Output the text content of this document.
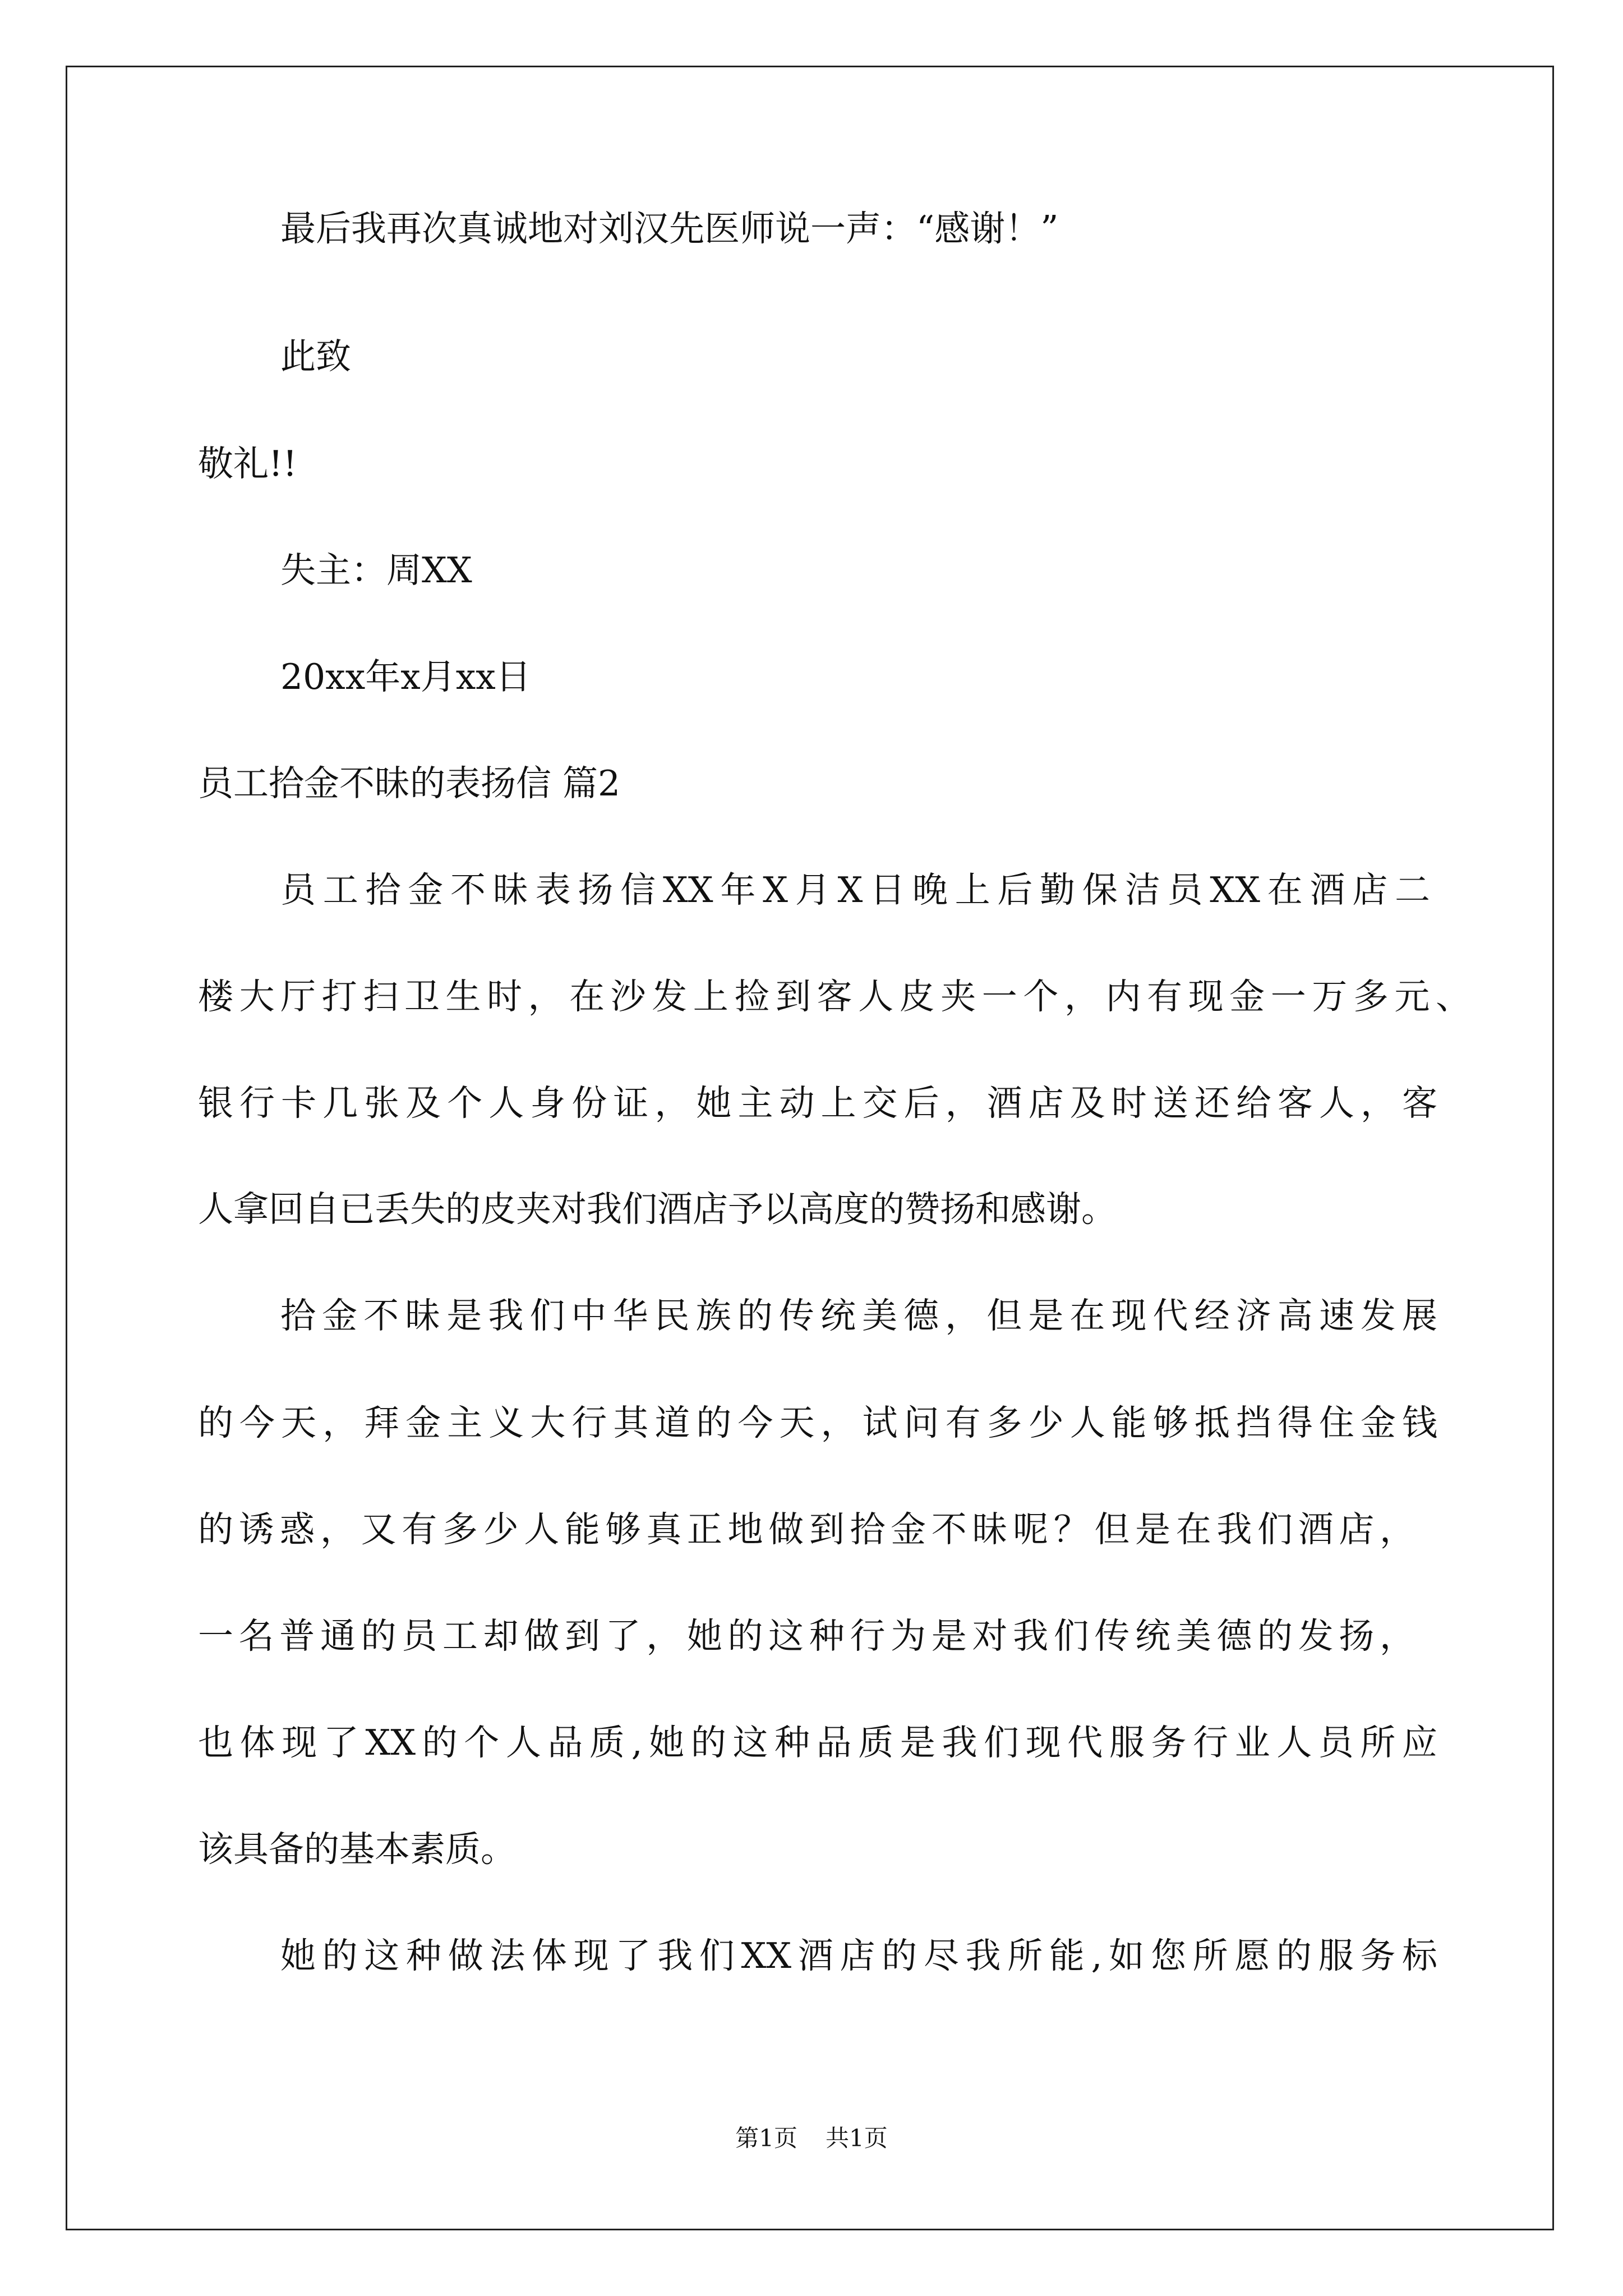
最后我再次真诚地对刘汉先医师说一声：“感谢！”
此致
敬礼!!
失主：周XX
20xx年x月xx日
员工拾金不昧的表扬信 篇2
员工拾金不昧表扬信XX年X月X日晚上后勤保洁员XX在酒店二
楼大厅打扫卫生时，在沙发上捡到客人皮夹一个，内有现金一万多元、
银行卡几张及个人身份证，她主动上交后，酒店及时送还给客人，客
人拿回自已丢失的皮夹对我们酒店予以高度的赞扬和感谢。
拾金不昧是我们中华民族的传统美德，但是在现代经济高速发展
的今天，拜金主义大行其道的今天，试问有多少人能够抵挡得住金钱
的诱惑，又有多少人能够真正地做到拾金不昧呢？但是在我们酒店，
一名普通的员工却做到了，她的这种行为是对我们传统美德的发扬，
也体现了XX的个人品质,她的这种品质是我们现代服务行业人员所应
该具备的基本素质。
她的这种做法体现了我们XX酒店的尽我所能,如您所愿的服务标
第1页 共1页
